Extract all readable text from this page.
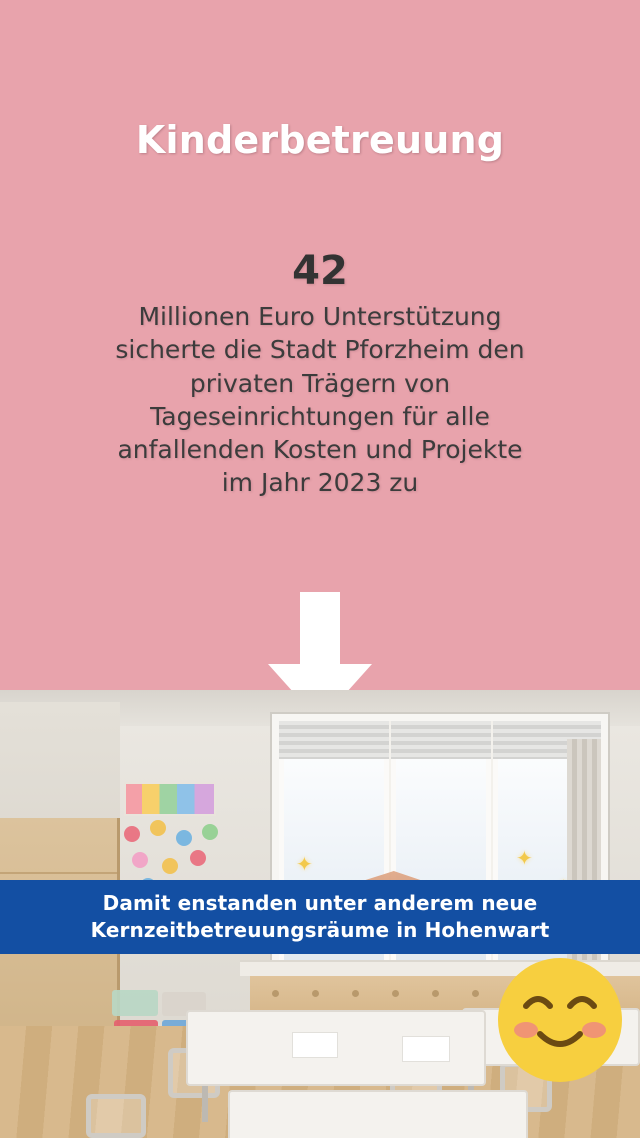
Kinderbetreuung
42
Millionen Euro Unterstützung sicherte die Stadt Pforzheim den privaten Trägern von Tageseinrichtungen für alle anfallenden Kosten und Projekte im Jahr 2023 zu
✦	✦
Damit enstanden unter anderem neue
Kernzeitbetreuungsräume in Hohenwart
